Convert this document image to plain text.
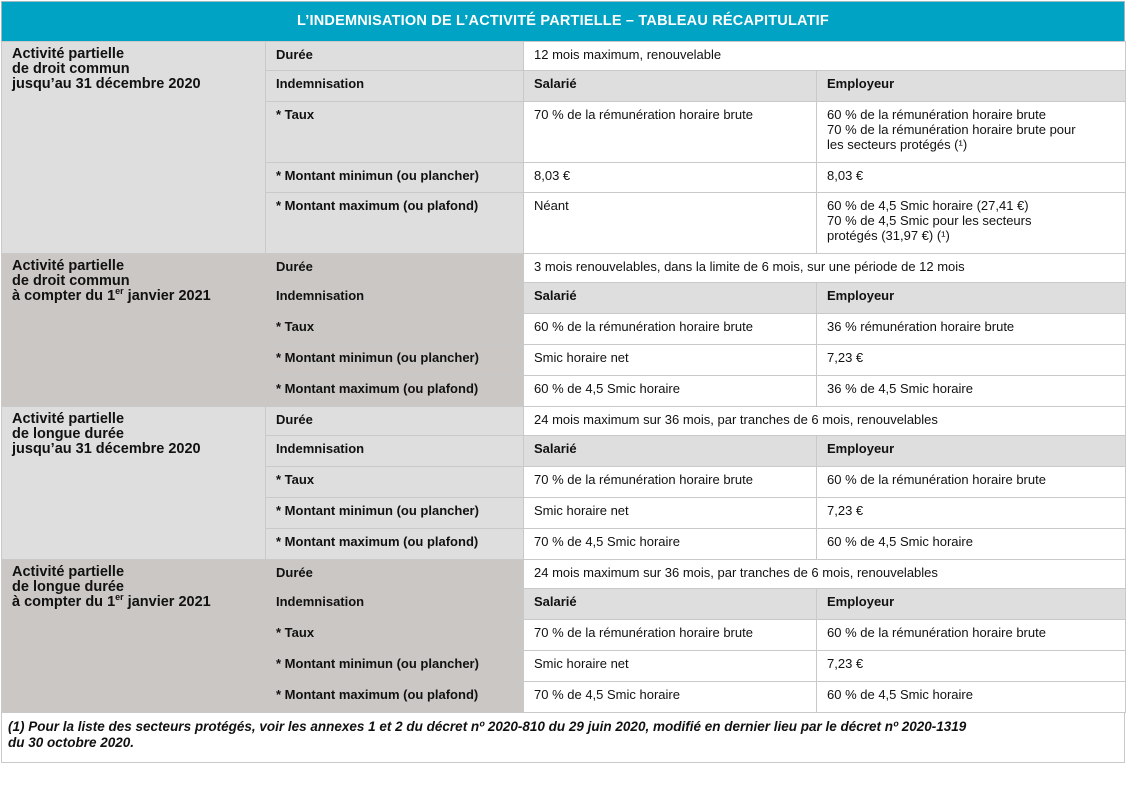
L’INDEMNISATION DE L’ACTIVITÉ PARTIELLE – TABLEAU RÉCAPITULATIF
Activité partielle
de droit commun
jusqu’au 31 décembre 2020	Durée	12 mois maximum, renouvelable	
	Indemnisation	Salarié	Employeur
	* Taux	70 % de la rémunération horaire brute	60 % de la rémunération horaire brute
70 % de la rémunération horaire brute pour
les secteurs protégés (¹)

	* Montant minimun (ou plancher)	8,03 €	8,03 €

	* Montant maximum (ou plafond)	Néant	60 % de 4,5 Smic horaire (27,41 €)
70 % de 4,5 Smic pour les secteurs
protégés (31,97 €) (¹)

Activité partielle
de droit commun
à compter du 1er janvier 2021	Durée	3 mois renouvelables, dans la limite de 6 mois, sur une période de 12 mois	
	Indemnisation	Salarié	Employeur
	* Taux	60 % de la rémunération horaire brute	36 % rémunération horaire brute

	* Montant minimun (ou plancher)	Smic horaire net	7,23 €

	* Montant maximum (ou plafond)	60 % de 4,5 Smic horaire	36 % de 4,5 Smic horaire

Activité partielle
de longue durée
jusqu’au 31 décembre 2020	Durée	24 mois maximum sur 36 mois, par tranches de 6 mois, renouvelables	
	Indemnisation	Salarié	Employeur
	* Taux	70 % de la rémunération horaire brute	60 % de la rémunération horaire brute

	* Montant minimun (ou plancher)	Smic horaire net	7,23 €

	* Montant maximum (ou plafond)	70 % de 4,5 Smic horaire	60 % de 4,5 Smic horaire

Activité partielle
de longue durée
à compter du 1er janvier 2021	Durée	24 mois maximum sur 36 mois, par tranches de 6 mois, renouvelables	
	Indemnisation	Salarié	Employeur
	* Taux	70 % de la rémunération horaire brute	60 % de la rémunération horaire brute

	* Montant minimun (ou plancher)	Smic horaire net	7,23 €

	* Montant maximum (ou plafond)	70 % de 4,5 Smic horaire	60 % de 4,5 Smic horaire
(1) Pour la liste des secteurs protégés, voir les annexes 1 et 2 du décret nº 2020-810 du 29 juin 2020, modifié en dernier lieu par le décret nº 2020-1319
du 30 octobre 2020.
